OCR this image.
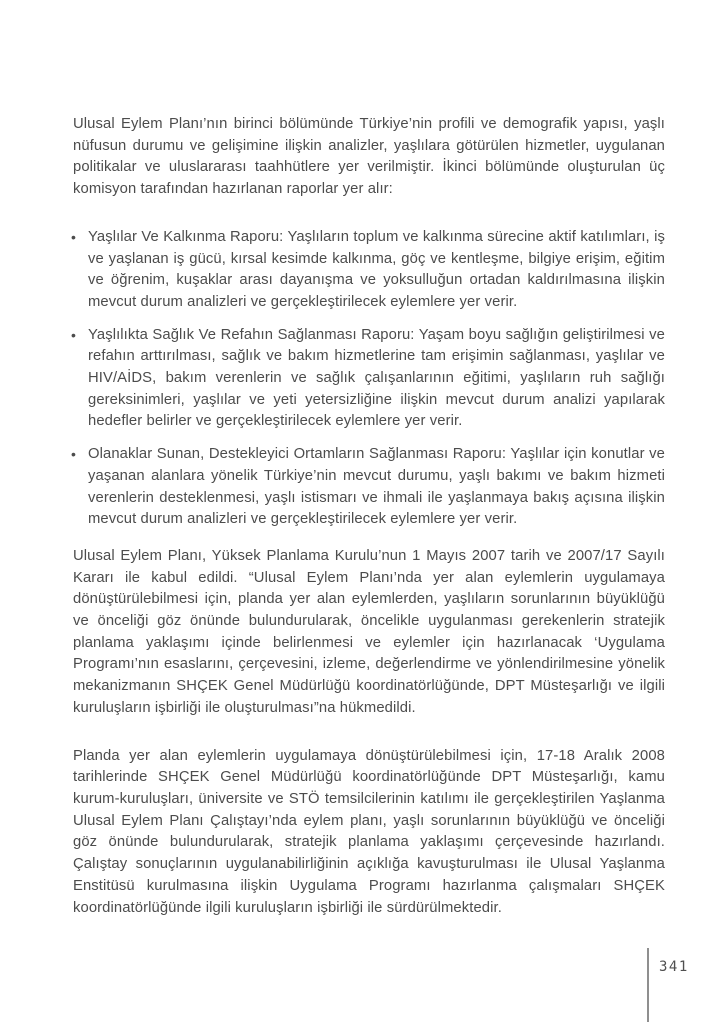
Ulusal Eylem Planı’nın birinci bölümünde Türkiye’nin profili ve demografik yapısı, yaşlı nüfusun durumu ve gelişimine ilişkin analizler, yaşlılara götürülen hizmetler, uygulanan politikalar ve uluslararası taahhütlere yer verilmiştir. İkinci bölümünde oluşturulan üç komisyon tarafından hazırlanan raporlar yer alır:

• Yaşlılar Ve Kalkınma Raporu: Yaşlıların toplum ve kalkınma sürecine aktif katılımları, iş ve yaşlanan iş gücü, kırsal kesimde kalkınma, göç ve kentleşme, bilgiye erişim, eğitim ve öğrenim, kuşaklar arası dayanışma ve yoksulluğun ortadan kaldırılmasına ilişkin mevcut durum analizleri ve gerçekleştirilecek eylemlere yer verir.
• Yaşlılıkta Sağlık Ve Refahın Sağlanması Raporu: Yaşam boyu sağlığın geliştirilmesi ve refahın arttırılması, sağlık ve bakım hizmetlerine tam erişimin sağlanması, yaşlılar ve HIV/AİDS, bakım verenlerin ve sağlık çalışanlarının eğitimi, yaşlıların ruh sağlığı gereksinimleri, yaşlılar ve yeti yetersizliğine ilişkin mevcut durum analizi yapılarak hedefler belirler ve gerçekleştirilecek eylemlere yer verir.
• Olanaklar Sunan, Destekleyici Ortamların Sağlanması Raporu: Yaşlılar için konutlar ve yaşanan alanlara yönelik Türkiye’nin mevcut durumu, yaşlı bakımı ve bakım hizmeti verenlerin desteklenmesi, yaşlı istismarı ve ihmali ile yaşlanmaya bakış açısına ilişkin mevcut durum analizleri ve gerçekleştirilecek eylemlere yer verir.

Ulusal Eylem Planı, Yüksek Planlama Kurulu’nun 1 Mayıs 2007 tarih ve 2007/17 Sayılı Kararı ile kabul edildi. “Ulusal Eylem Planı’nda yer alan eylemlerin uygulamaya dönüştürülebilmesi için, planda yer alan eylemlerden, yaşlıların sorunlarının büyüklüğü ve önceliği göz önünde bulundurularak, öncelikle uygulanması gerekenlerin stratejik planlama yaklaşımı içinde belirlenmesi ve eylemler için hazırlanacak ‘Uygulama Programı’nın esaslarını, çerçevesini, izleme, değerlendirme ve yönlendirilmesine yönelik mekanizmanın SHÇEK Genel Müdürlüğü koordinatörlüğünde, DPT Müsteşarlığı ve ilgili kuruluşların işbirliği ile oluşturulması”na hükmedildi.

Planda yer alan eylemlerin uygulamaya dönüştürülebilmesi için, 17-18 Aralık 2008 tarihlerinde SHÇEK Genel Müdürlüğü koordinatörlüğünde DPT Müsteşarlığı, kamu kurum-kuruluşları, üniversite ve STÖ temsilcilerinin katılımı ile gerçekleştirilen Yaşlanma Ulusal Eylem Planı Çalıştayı’nda eylem planı, yaşlı sorunlarının büyüklüğü ve önceliği göz önünde bulundurularak, stratejik planlama yaklaşımı çerçevesinde hazırlandı. Çalıştay sonuçlarının uygulanabilirliğinin açıklığa kavuşturulması ile Ulusal Yaşlanma Enstitüsü kurulmasına ilişkin Uygulama Programı hazırlanma çalışmaları SHÇEK koordinatörlüğünde ilgili kuruluşların işbirliği ile sürdürülmektedir.

341
